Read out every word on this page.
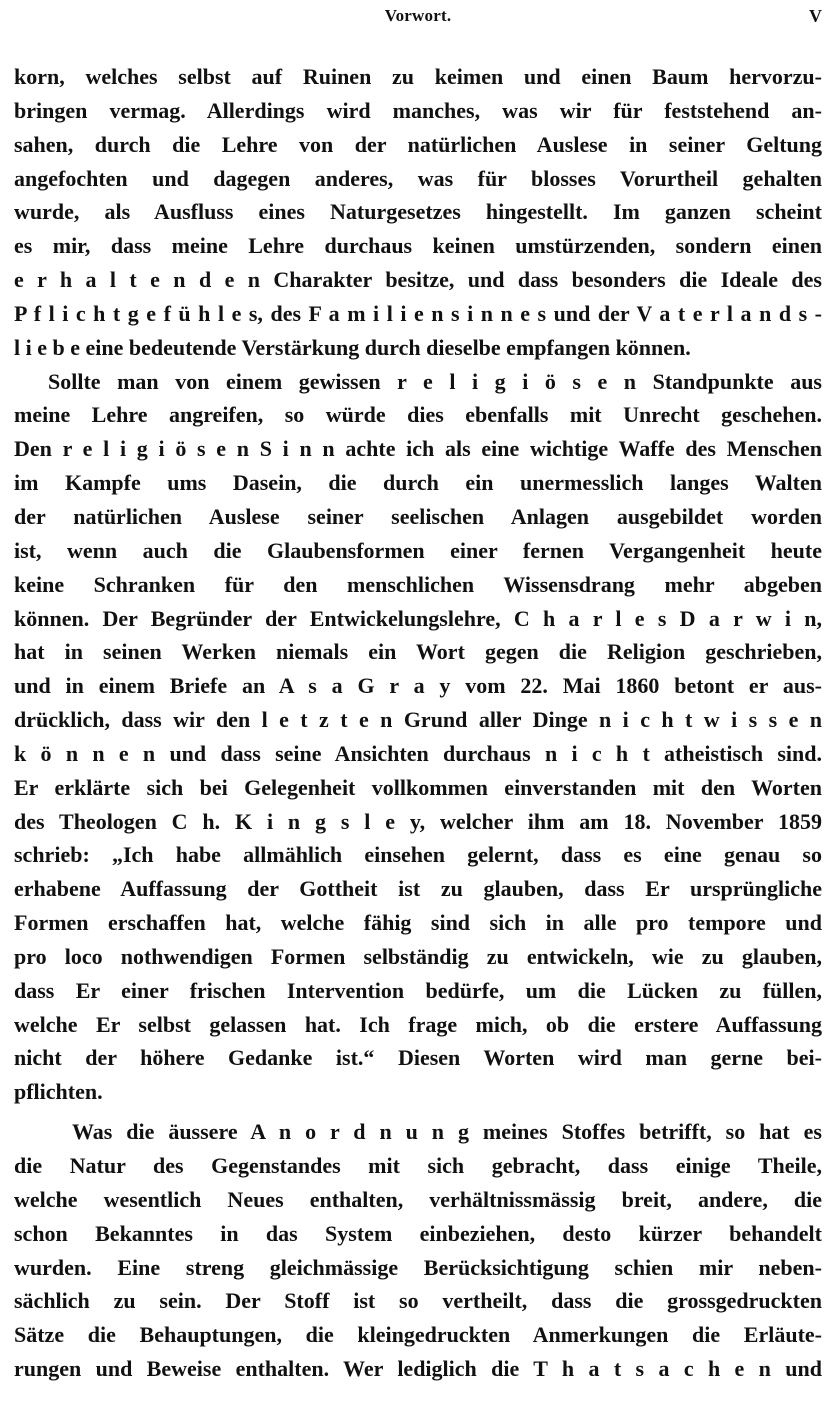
Vorwort.	V
korn, welches selbst auf Ruinen zu keimen und einen Baum hervorzu-
bringen vermag. Allerdings wird manches, was wir für feststehend an-
sahen, durch die Lehre von der natürlichen Auslese in seiner Geltung
angefochten und dagegen anderes, was für blosses Vorurtheil gehalten
wurde, als Ausfluss eines Naturgesetzes hingestellt. Im ganzen scheint
es mir, dass meine Lehre durchaus keinen umstürzenden, sondern einen
e r h a l t e n d e n Charakter besitze, und dass besonders die Ideale des
P f l i c h t g e f ü h l e s, des F a m i l i e n s i n n e s und der V a t e r l a n d s -
l i e b e eine bedeutende Verstärkung durch dieselbe empfangen können.
Sollte man von einem gewissen r e l i g i ö s e n Standpunkte aus
meine Lehre angreifen, so würde dies ebenfalls mit Unrecht geschehen.
Den r e l i g i ö s e n S i n n achte ich als eine wichtige Waffe des Menschen
im Kampfe ums Dasein, die durch ein unermesslich langes Walten
der natürlichen Auslese seiner seelischen Anlagen ausgebildet worden
ist, wenn auch die Glaubensformen einer fernen Vergangenheit heute
keine Schranken für den menschlichen Wissensdrang mehr abgeben
können. Der Begründer der Entwickelungslehre, C h a r l e s D a r w i n,
hat in seinen Werken niemals ein Wort gegen die Religion geschrieben,
und in einem Briefe an A s a G r a y vom 22. Mai 1860 betont er aus-
drücklich, dass wir den l e t z t e n Grund aller Dinge n i c h t w i s s e n
k ö n n e n und dass seine Ansichten durchaus n i c h t atheistisch sind.
Er erklärte sich bei Gelegenheit vollkommen einverstanden mit den Worten
des Theologen C h. K i n g s l e y, welcher ihm am 18. November 1859
schrieb: „Ich habe allmählich einsehen gelernt, dass es eine genau so
erhabene Auffassung der Gottheit ist zu glauben, dass Er ursprüngliche
Formen erschaffen hat, welche fähig sind sich in alle pro tempore und
pro loco nothwendigen Formen selbständig zu entwickeln, wie zu glauben,
dass Er einer frischen Intervention bedürfe, um die Lücken zu füllen,
welche Er selbst gelassen hat. Ich frage mich, ob die erstere Auffassung
nicht der höhere Gedanke ist.“ Diesen Worten wird man gerne bei-
pflichten.
Was die äussere A n o r d n u n g meines Stoffes betrifft, so hat es
die Natur des Gegenstandes mit sich gebracht, dass einige Theile,
welche wesentlich Neues enthalten, verhältnissmässig breit, andere, die
schon Bekanntes in das System einbeziehen, desto kürzer behandelt
wurden. Eine streng gleichmässige Berücksichtigung schien mir neben-
sächlich zu sein. Der Stoff ist so vertheilt, dass die grossgedruckten
Sätze die Behauptungen, die kleingedruckten Anmerkungen die Erläute-
rungen und Beweise enthalten. Wer lediglich die T h a t s a c h e n und
